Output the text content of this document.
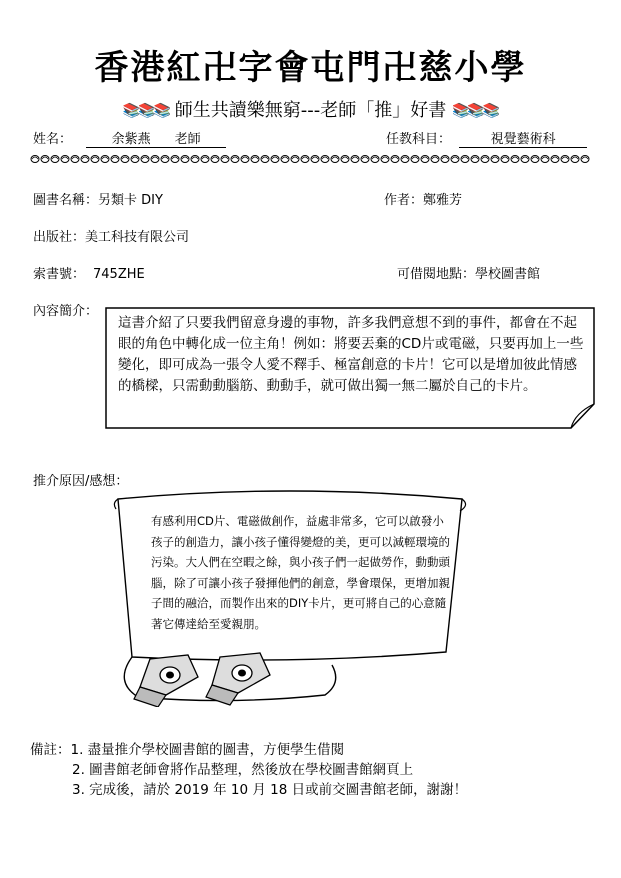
香港紅卍字會屯門卍慈小學
📚📚📚 師生共讀樂無窮---老師「推」好書 📚📚📚
姓名：	余紫燕 老師	任教科目：	視覺藝術科
圖書名稱：另類卡 DIY	作者：鄭雅芳
出版社：美工科技有限公司
索書號： 745ZHE	可借閱地點：學校圖書館
內容簡介：
這書介紹了只要我們留意身邊的事物，許多我們意想不到的事件，都會在不起眼的角色中轉化成一位主角！例如：將要丟棄的CD片或電磁，只要再加上一些變化，即可成為一張令人愛不釋手、極富創意的卡片！它可以是增加彼此情感的橋樑，只需動動腦筋、動動手，就可做出獨一無二屬於自己的卡片。
推介原因/感想：
有感利用CD片、電磁做創作，益處非常多，它可以啟發小孩子的創造力，讓小孩子懂得變燈的美，更可以減輕環境的污染。大人們在空暇之餘，與小孩子們一起做勞作，動動頭腦，除了可讓小孩子發揮他們的創意，學會環保，更增加親子間的融洽，而製作出來的DIY卡片，更可將自己的心意隨著它傳達給至愛親朋。
備註：1. 盡量推介學校圖書館的圖書，方便學生借閱
2. 圖書館老師會將作品整理，然後放在學校圖書館網頁上
3. 完成後，請於 2019 年 10 月 18 日或前交圖書館老師，謝謝！
